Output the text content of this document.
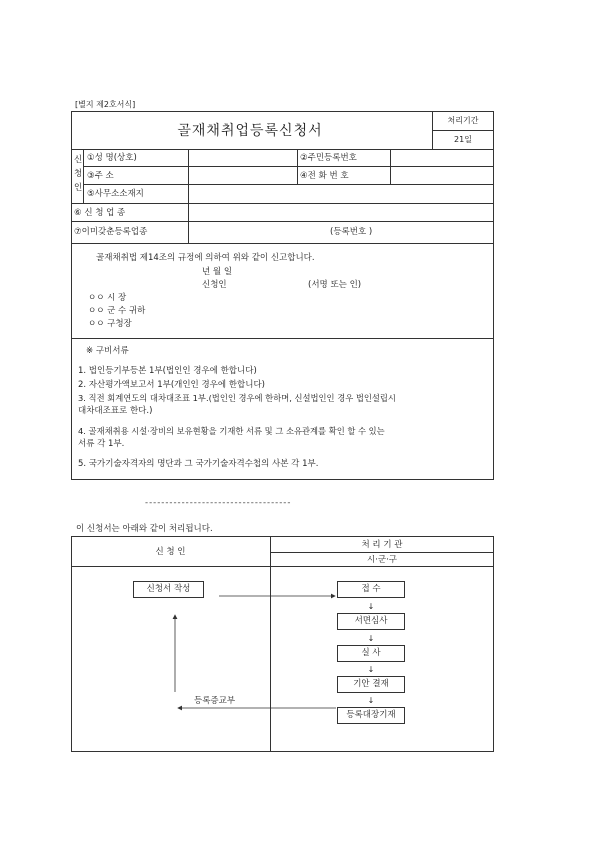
[별지 제2호서식]
골재채취업등록신청서
처리기간
21일
신
청
인
①성 명(상호)	②주민등록번호
③주 소	④전 화 번 호
⑤사무소소재지
⑥ 신 청 업 종
⑦이미갖춘등록업종	(등록번호 )
골재채취법 제14조의 규정에 의하여 위와 같이 신고합니다.
년 월 일
신청인	(서명 또는 인)
ㅇㅇ 시 장
ㅇㅇ 군 수 귀하
ㅇㅇ 구청장
※ 구비서류
1. 법인등기부등본 1부(법인인 경우에 한합니다)
2. 자산평가액보고서 1부(개인인 경우에 한합니다)
3. 직전 회계연도의 대차대조표 1부.(법인인 경우에 한하며, 신설법인인 경우 법인설립시
대차대조표로 한다.)
4. 골재채취용 시설·장비의 보유현황을 기재한 서류 및 그 소유관계를 확인 할 수 있는
서류 각 1부.
5. 국가기술자격자의 명단과 그 국가기술자격수첩의 사본 각 1부.
------------------------------------
이 신청서는 아래와 같이 처리됩니다.
신 청 인
처 리 기 관
시·군·구
신청서 작성	접 수
↓
서면심사
↓
실 사
↓
기안 결재
↓
등록대장기재
등록증교부
